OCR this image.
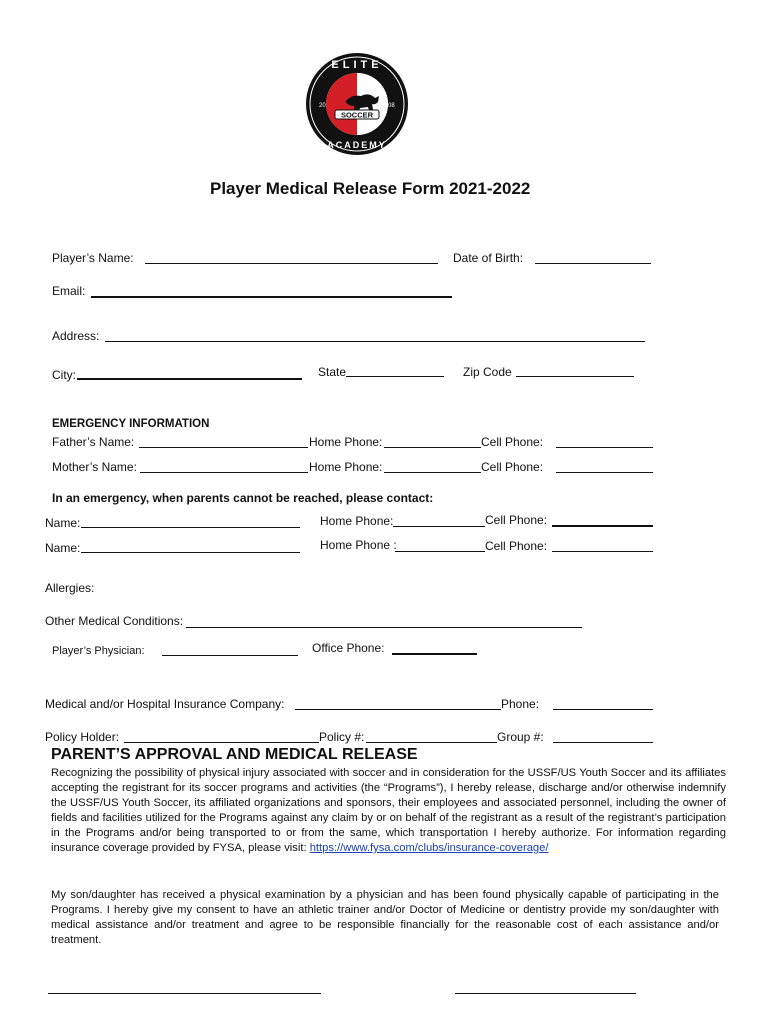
SOCCER
ELITE
ACADEMY
20	08
Player Medical Release Form 2021-2022
Player’s Name:	Date of Birth:
Email:
Address:
City:	State	Zip Code
EMERGENCY INFORMATION
Father’s Name:	Home Phone:	Cell Phone:
Mother’s Name:	Home Phone:	Cell Phone:
In an emergency, when parents cannot be reached, please contact:
Name:	Home Phone:	Cell Phone:
Name:	Home Phone :	Cell Phone:
Allergies:
Other Medical Conditions:
Player’s Physician:	Office Phone:
Medical and/or Hospital Insurance Company:	Phone:
Policy Holder:	Policy #:	Group #:
PARENT’S APPROVAL AND MEDICAL RELEASE
Recognizing the possibility of physical injury associated with soccer and in consideration for the USSF/US Youth Soccer and its affiliates accepting the registrant for its soccer programs and activities (the “Programs”), I hereby release, discharge and/or otherwise indemnify the USSF/US Youth Soccer, its affiliated organizations and sponsors, their employees and associated personnel, including the owner of fields and facilities utilized for the Programs against any claim by or on behalf of the registrant as a result of the registrant’s participation in the Programs and/or being transported to or from the same, which transportation I hereby authorize. For information regarding insurance coverage provided by FYSA, please visit: https://www.fysa.com/clubs/insurance-coverage/
My son/daughter has received a physical examination by a physician and has been found physically capable of participating in the Programs. I hereby give my consent to have an athletic trainer and/or Doctor of Medicine or dentistry provide my son/daughter with medical assistance and/or treatment and agree to be responsible financially for the reasonable cost of each assistance and/or treatment.
